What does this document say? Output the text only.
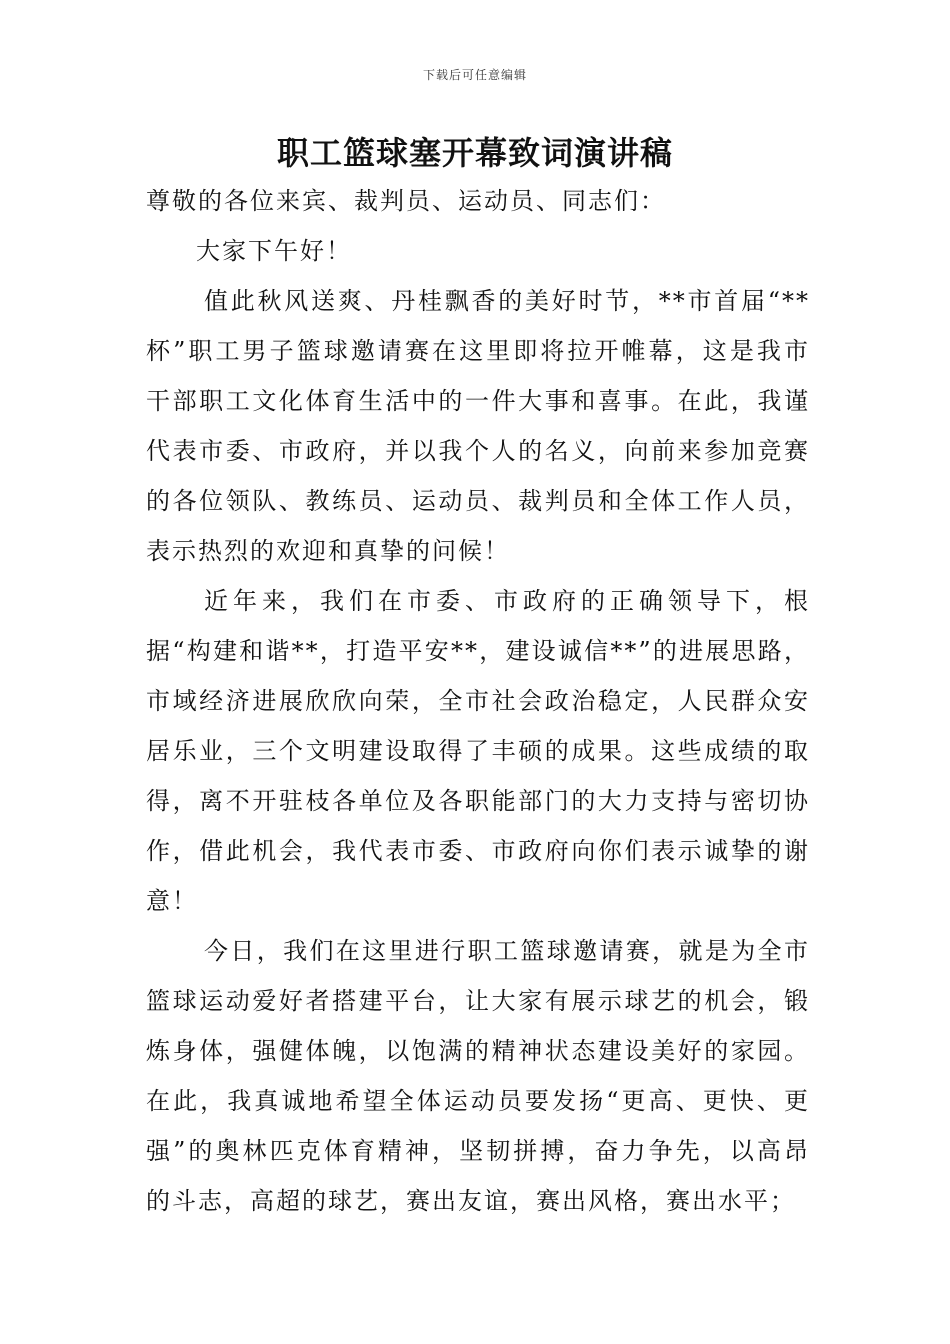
下载后可任意编辑
职工篮球塞开幕致词演讲稿

尊敬的各位来宾、裁判员、运动员、同志们：

大家下午好！

值此秋风送爽、丹桂飘香的美好时节，**市首届“**杯”职工男子篮球邀请赛在这里即将拉开帷幕，这是我市干部职工文化体育生活中的一件大事和喜事。在此，我谨代表市委、市政府，并以我个人的名义，向前来参加竞赛的各位领队、教练员、运动员、裁判员和全体工作人员，表示热烈的欢迎和真挚的问候！

近年来，我们在市委、市政府的正确领导下，根据“构建和谐**，打造平安**，建设诚信**”的进展思路，市域经济进展欣欣向荣，全市社会政治稳定，人民群众安居乐业，三个文明建设取得了丰硕的成果。这些成绩的取得，离不开驻枝各单位及各职能部门的大力支持与密切协作，借此机会，我代表市委、市政府向你们表示诚挚的谢意！

今日，我们在这里进行职工篮球邀请赛，就是为全市篮球运动爱好者搭建平台，让大家有展示球艺的机会，锻炼身体，强健体魄，以饱满的精神状态建设美好的家园。在此，我真诚地希望全体运动员要发扬“更高、更快、更强”的奥林匹克体育精神，坚韧拼搏，奋力争先，以高昂的斗志，高超的球艺，赛出友谊，赛出风格，赛出水平；
